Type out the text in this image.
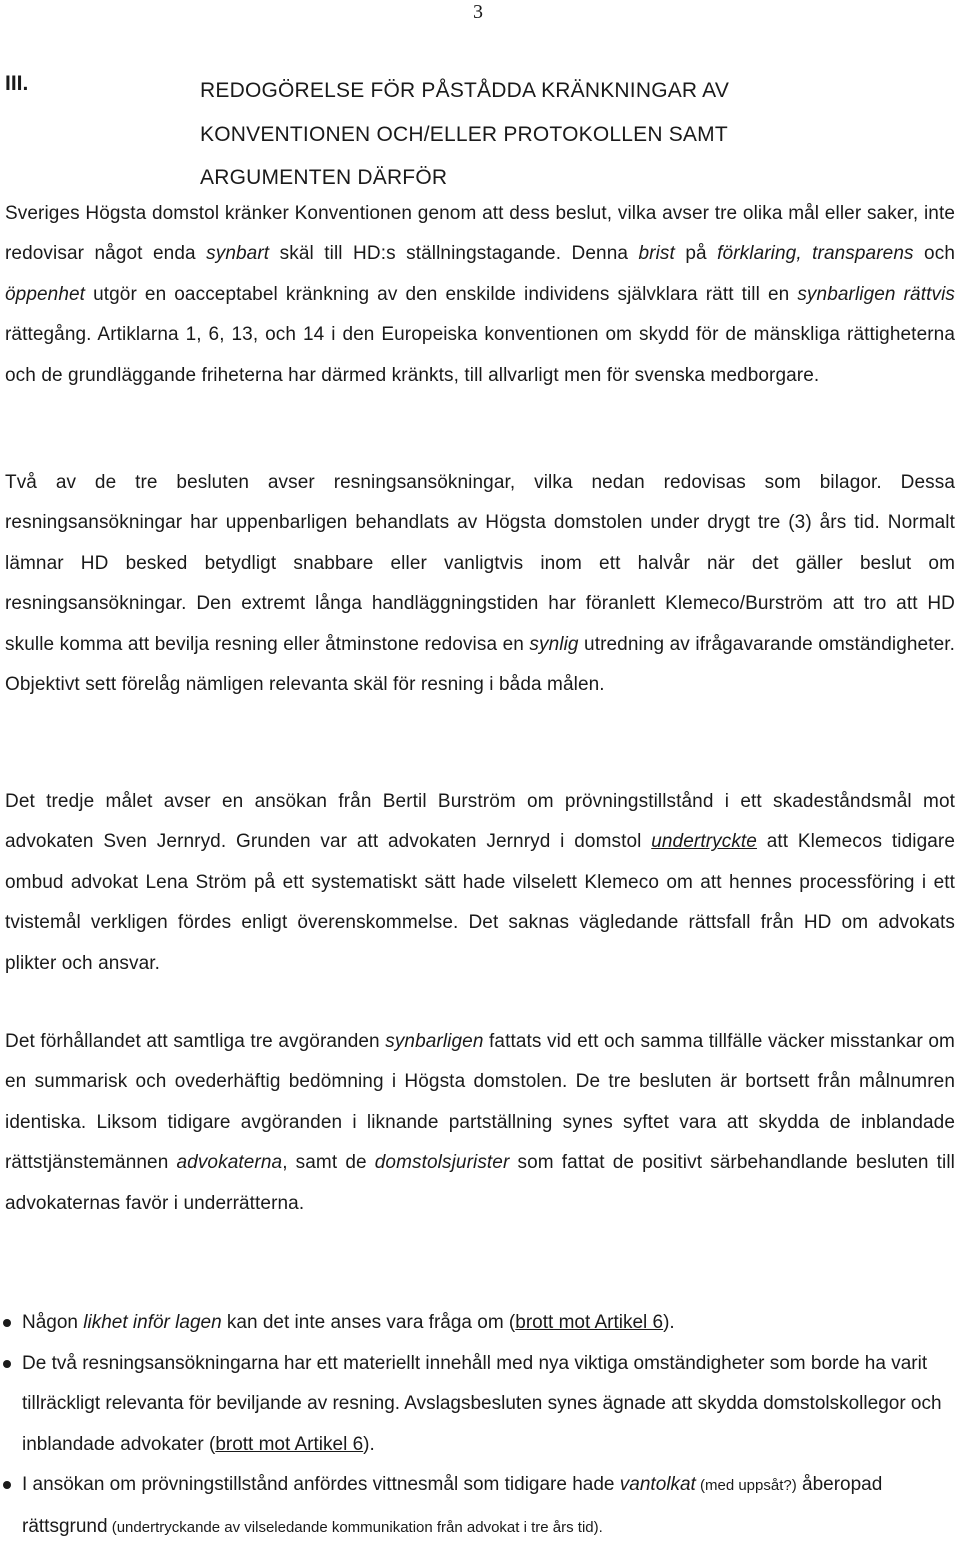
3
III.	REDOGÖRELSE FÖR PÅSTÅDDA KRÄNKNINGAR AV
KONVENTIONEN OCH/ELLER PROTOKOLLEN SAMT
ARGUMENTEN DÄRFÖR
Sveriges Högsta domstol kränker Konventionen genom att dess beslut, vilka avser tre olika mål eller saker, inte redovisar något enda synbart skäl till HD:s ställningstagande. Denna brist på förklaring, transparens och öppenhet utgör en oacceptabel kränkning av den enskilde individens självklara rätt till en synbarligen rättvis rättegång. Artiklarna 1, 6, 13, och 14 i den Europeiska konventionen om skydd för de mänskliga rättigheterna och de grundläggande friheterna har därmed kränkts, till allvarligt men för svenska medborgare.
Två av de tre besluten avser resningsansökningar, vilka nedan redovisas som bilagor. Dessa resningsansökningar har uppenbarligen behandlats av Högsta domstolen under drygt tre (3) års tid. Normalt lämnar HD besked betydligt snabbare eller vanligtvis inom ett halvår när det gäller beslut om resningsansökningar. Den extremt långa handläggningstiden har föranlett Klemeco/Burström att tro att HD skulle komma att bevilja resning eller åtminstone redovisa en synlig utredning av ifrågavarande omständigheter. Objektivt sett förelåg nämligen relevanta skäl för resning i båda målen.
Det tredje målet avser en ansökan från Bertil Burström om prövningstillstånd i ett skadeståndsmål mot advokaten Sven Jernryd. Grunden var att advokaten Jernryd i domstol undertryckte att Klemecos tidigare ombud advokat Lena Ström på ett systematiskt sätt hade vilselett Klemeco om att hennes processföring i ett tvistemål verkligen fördes enligt överenskommelse. Det saknas vägledande rättsfall från HD om advokats plikter och ansvar.
Det förhållandet att samtliga tre avgöranden synbarligen fattats vid ett och samma tillfälle väcker misstankar om en summarisk och ovederhäftig bedömning i Högsta domstolen. De tre besluten är bortsett från målnumren identiska. Liksom tidigare avgöranden i liknande partställning synes syftet vara att skydda de inblandade rättstjänstemännen advokaterna, samt de domstolsjurister som fattat de positivt särbehandlande besluten till advokaternas favör i underrätterna.
Någon likhet inför lagen kan det inte anses vara fråga om (brott mot Artikel 6).
De två resningsansökningarna har ett materiellt innehåll med nya viktiga omständigheter som borde ha varit tillräckligt relevanta för beviljande av resning. Avslagsbesluten synes ägnade att skydda domstolskollegor och inblandade advokater (brott mot Artikel 6).
I ansökan om prövningstillstånd anfördes vittnesmål som tidigare hade vantolkat (med uppsåt?) åberopad rättsgrund (undertryckande av vilseledande kommunikation från advokat i tre års tid).
